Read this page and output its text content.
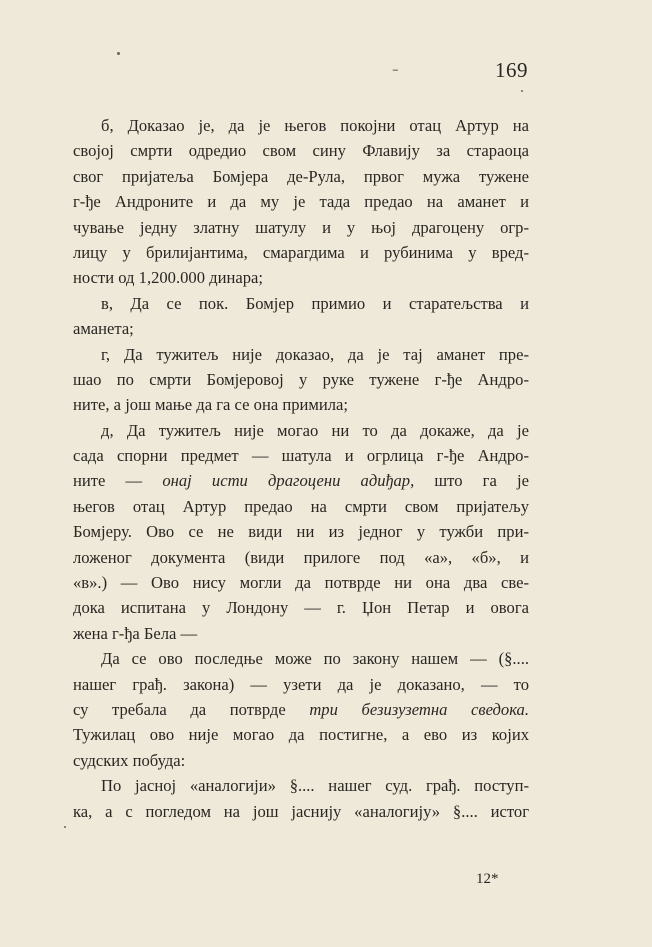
-	169
б, Доказао је, да је његов покојни отац Артур на
својој смрти одредио свом сину Флавију за стараоца
свог пријатеља Бомјера де-Рула, првог мужа тужене
г-ђе Андроните и да му је тада предао на аманет и
чување једну златну шатулу и у њој драгоцену огр-
лицу у брилијантима, смарагдима и рубинима у вред-
ности од 1,200.000 динара;
в, Да се пок. Бомјер примио и старатељства и
аманета;
г, Да тужитељ није доказао, да је тај аманет пре-
шао по смрти Бомјеровој у руке тужене г-ђе Андро-
ните, а још мање да га се она примила;
д, Да тужитељ није могао ни то да докаже, да је
сада спорни предмет — шатула и огрлица г-ђе Андро-
ните — онај исти драгоцени адиђар, што га је
његов отац Артур предао на смрти свом пријатељу
Бомјеру. Ово се не види ни из једног у тужби при-
ложеног документа (види прилоге под «а», «б», и
«в».) — Ово нису могли да потврде ни она два све-
дока испитана у Лондону — г. Џон Петар и овога
жена г-ђа Бела —
Да се ово последње може по закону нашем — (§....
нашег грађ. закона) — узети да је доказано, — то
су требала да потврде три безизузетна сведока.
Тужилац ово није могао да постигне, а ево из којих
судских побуда:
По јасној «аналогији» §.... нашег суд. грађ. поступ-
ка, а с погледом на још јаснију «аналогију» §.... истог
12*
